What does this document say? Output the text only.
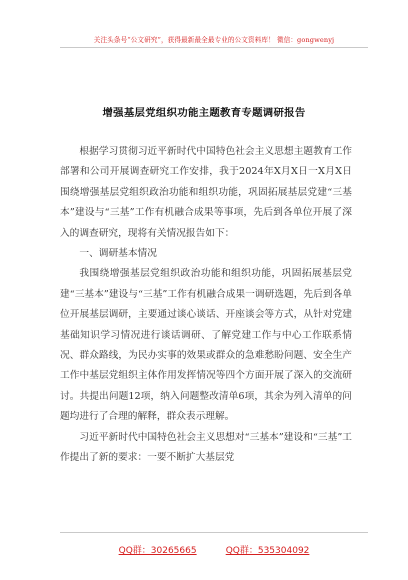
关注头条号“公文研究”，获得最新最全最专业的公文资料库！ 微信：gongwenyj
增强基层党组织功能主题教育专题调研报告

根据学习贯彻习近平新时代中国特色社会主义思想主题教育工作部署和公司开展调查研究工作安排，我于2024年X月X日一X月X日围绕增强基层党组织政治功能和组织功能，巩固拓展基层党建“三基本”建设与“三基”工作有机融合成果等事项，先后到各单位开展了深入的调查研究，现将有关情况报告如下：

一、调研基本情况

我围绕增强基层党组织政治功能和组织功能，巩固拓展基层党建“三基本”建设与“三基”工作有机融合成果一调研选题，先后到各单位开展基层调研，主要通过谈心谈话、开座谈会等方式，从针对党建基础知识学习情况进行谈话调研、了解党建工作与中心工作联系情况、群众路线，为民办实事的效果或群众的急难愁盼问题、安全生产工作中基层党组织主体作用发挥情况等四个方面开展了深入的交流研讨。共提出问题12项，纳入问题整改清单6项，其余为列入清单的问题均进行了合理的解释，群众表示理解。

习近平新时代中国特色社会主义思想对“三基本”建设和“三基”工作提出了新的要求：一要不断扩大基层党

QQ群：30265665	QQ群：535304092
